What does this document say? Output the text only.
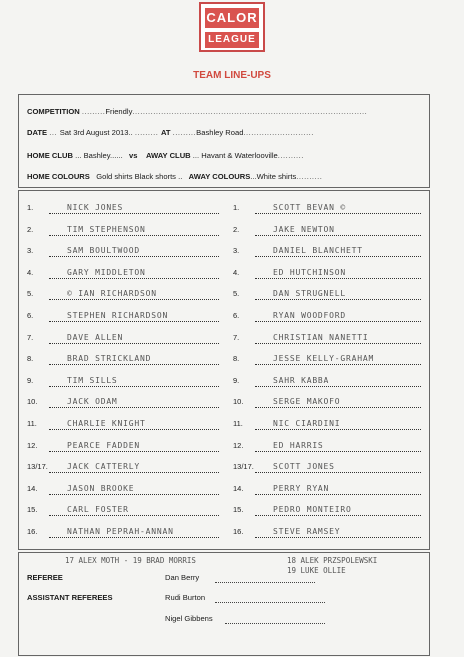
CALOR
LEAGUE
TEAM LINE-UPS
COMPETITION .........Friendly..........................................................................................
DATE ... Sat 3rd August 2013.. ......... AT .........Bashley Road...........................
HOME CLUB ... Bashley...... vs AWAY CLUB ... Havant & Waterlooville..........
HOME COLOURS Gold shirts Black shorts .. AWAY COLOURS...White shirts..........
1.	NICK JONES	1.	SCOTT BEVAN ©
2.	TIM STEPHENSON	2.	JAKE NEWTON
3.	SAM BOULTWOOD	3.	DANIEL BLANCHETT
4.	GARY MIDDLETON	4.	ED HUTCHINSON
5.	© IAN RICHARDSON	5.	DAN STRUGNELL
6.	STEPHEN RICHARDSON	6.	RYAN WOODFORD
7.	DAVE ALLEN	7.	CHRISTIAN NANETTI
8.	BRAD STRICKLAND	8.	JESSE KELLY-GRAHAM
9.	TIM SILLS	9.	SAHR KABBA
10.	JACK ODAM	10.	SERGE MAKOFO
11.	CHARLIE KNIGHT	11.	NIC CIARDINI
12.	PEARCE FADDEN	12.	ED HARRIS
13/17. JACK CATTERLY	13/17. SCOTT JONES
14.	JASON BROOKE	14.	PERRY RYAN
15.	CARL FOSTER	15.	PEDRO MONTEIRO
16.	NATHAN PEPRAH-ANNAN	16.	STEVE RAMSEY
17 ALEX MOTH - 19 BRAD MORRIS	18 ALEK PRZSPOLEWSKI
19 LUKE OLLIE
REFEREE	Dan Berry
ASSISTANT REFEREES	Rudi Burton
Nigel Gibbens
